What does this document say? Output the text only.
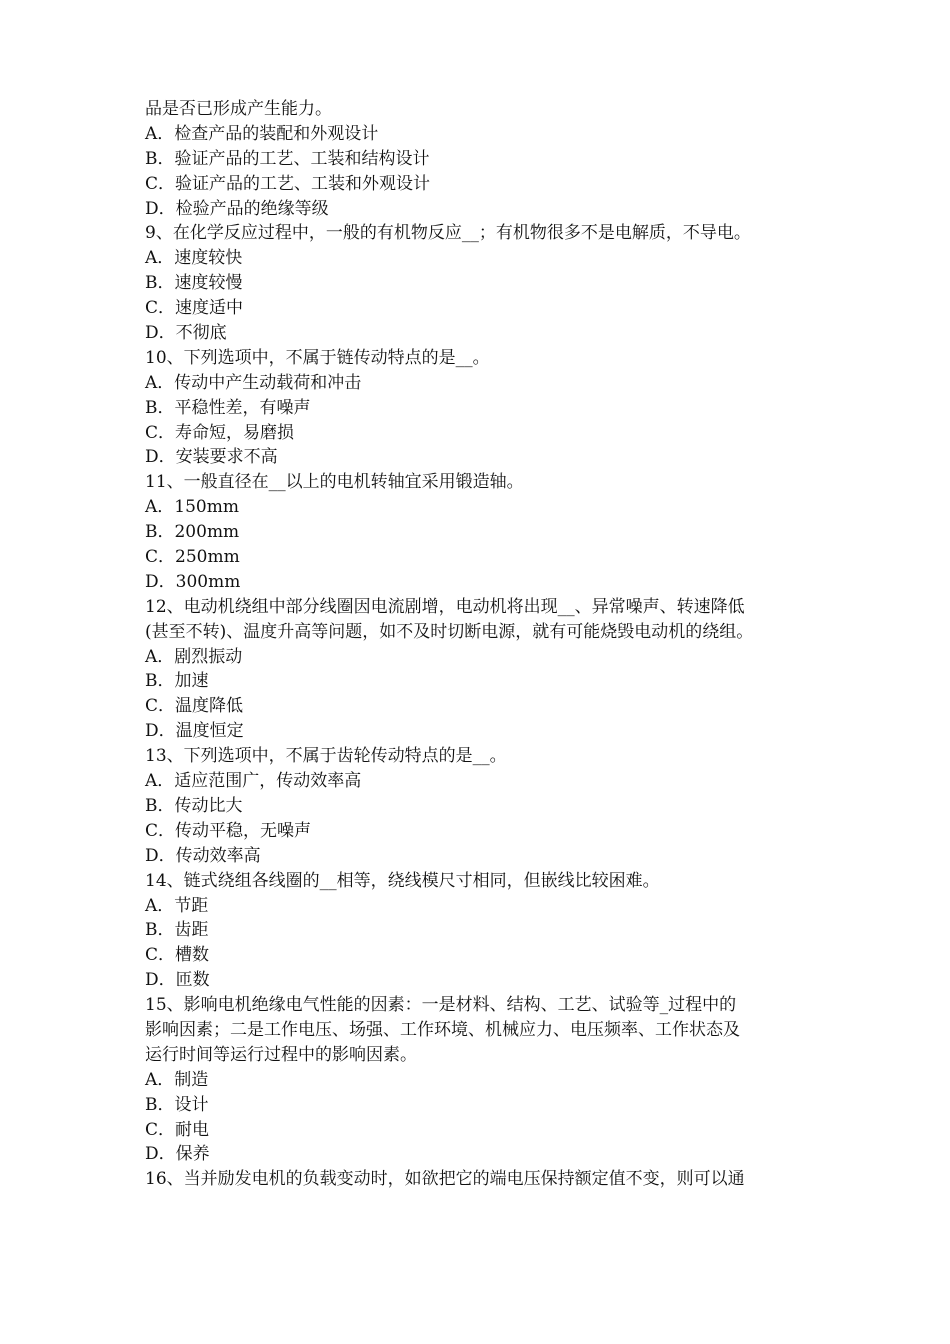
品是否已形成产生能力。
A．检查产品的装配和外观设计
B．验证产品的工艺、工装和结构设计
C．验证产品的工艺、工装和外观设计
D．检验产品的绝缘等级
9、在化学反应过程中，一般的有机物反应__；有机物很多不是电解质，不导电。
A．速度较快
B．速度较慢
C．速度适中
D．不彻底
10、下列选项中，不属于链传动特点的是__。
A．传动中产生动载荷和冲击
B．平稳性差，有噪声
C．寿命短，易磨损
D．安装要求不高
11、一般直径在__以上的电机转轴宜采用锻造轴。
A．150mm
B．200mm
C．250mm
D．300mm
12、电动机绕组中部分线圈因电流剧增，电动机将出现__、异常噪声、转速降低
(甚至不转)、温度升高等问题，如不及时切断电源，就有可能烧毁电动机的绕组。
A．剧烈振动
B．加速
C．温度降低
D．温度恒定
13、下列选项中，不属于齿轮传动特点的是__。
A．适应范围广，传动效率高
B．传动比大
C．传动平稳，无噪声
D．传动效率高
14、链式绕组各线圈的__相等，绕线模尺寸相同，但嵌线比较困难。
A．节距
B．齿距
C．槽数
D．匝数
15、影响电机绝缘电气性能的因素：一是材料、结构、工艺、试验等_过程中的
影响因素；二是工作电压、场强、工作环境、机械应力、电压频率、工作状态及
运行时间等运行过程中的影响因素。
A．制造
B．设计
C．耐电
D．保养
16、当并励发电机的负载变动时，如欲把它的端电压保持额定值不变，则可以通
